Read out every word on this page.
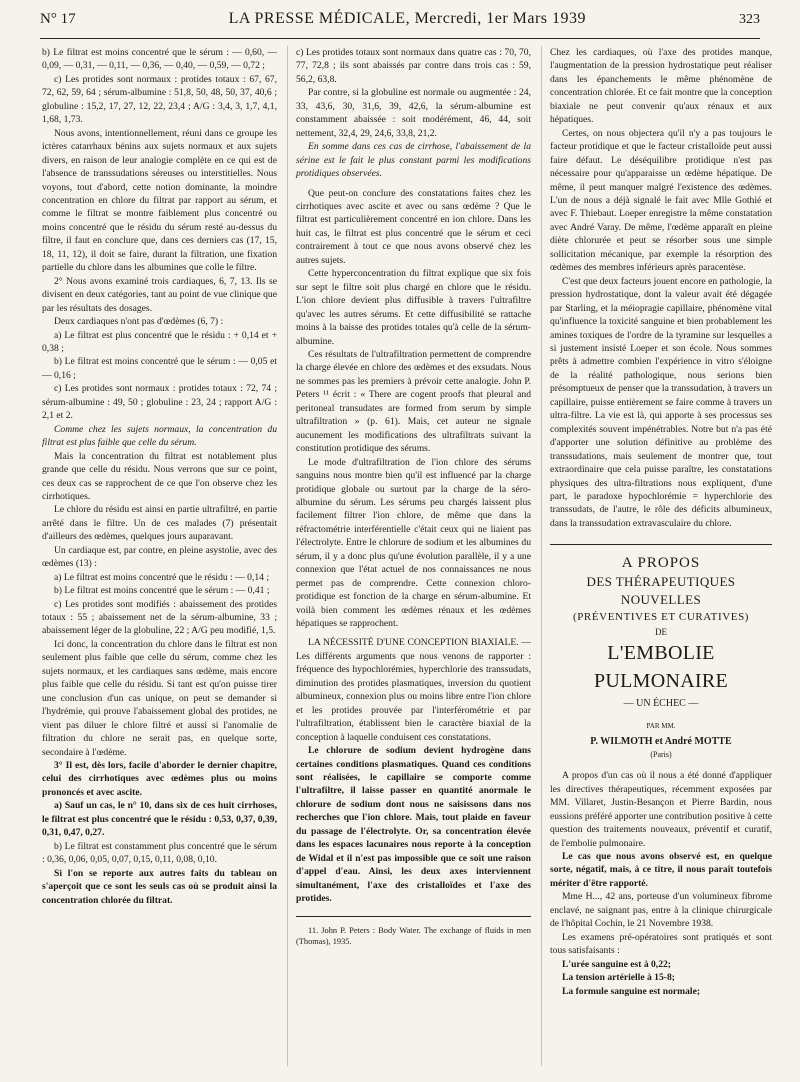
N° 17	LA PRESSE MÉDICALE, Mercredi, 1er Mars 1939	323

b) Le filtrat est moins concentré que le sérum : — 0,60, — 0,09, — 0,31, — 0,11, — 0,36, — 0,40, — 0,59, — 0,72 ;

c) Les protides sont normaux : protides totaux : 67, 67, 72, 62, 59, 64 ; sérum-albumine : 51,8, 50, 48, 50, 37, 40,6 ; globuline : 15,2, 17, 27, 12, 22, 23,4 ; A/G : 3,4, 3, 1,7, 4,1, 1,68, 1,73.

Nous avons, intentionnellement, réuni dans ce groupe les ictères catarrhaux bénins aux sujets normaux et aux sujets divers, en raison de leur analogie complète en ce qui est de l'absence de transsudations séreuses ou interstitielles. Nous voyons, tout d'abord, cette notion dominante, la moindre concentration en chlore du filtrat par rapport au sérum, et comme le filtrat se montre faiblement plus concentré ou moins concentré que le résidu du sérum resté au-dessus du filtre, il faut en conclure que, dans ces derniers cas (17, 15, 18, 11, 12), il doit se faire, durant la filtration, une fixation partielle du chlore dans les albumines que colle le filtre.

2° Nous avons examiné trois cardiaques, 6, 7, 13. Ils se divisent en deux catégories, tant au point de vue clinique que par les résultats des dosages.

Deux cardiaques n'ont pas d'œdèmes (6, 7) :

a) Le filtrat est plus concentré que le résidu : + 0,14 et + 0,38 ;

b) Le filtrat est moins concentré que le sérum : — 0,05 et — 0,16 ;

c) Les protides sont normaux : protides totaux : 72, 74 ; sérum-albumine : 49, 50 ; globuline : 23, 24 ; rapport A/G : 2,1 et 2.

Comme chez les sujets normaux, la concentration du filtrat est plus faible que celle du sérum.

Mais la concentration du filtrat est notablement plus grande que celle du résidu. Nous verrons que sur ce point, ces deux cas se rapprochent de ce que l'on observe chez les cirrhotiques.

Le chlore du résidu est ainsi en partie ultrafiltré, en partie arrêté dans le filtre. Un de ces malades (7) présentait d'ailleurs des œdèmes, quelques jours auparavant.

Un cardiaque est, par contre, en pleine asystolie, avec des œdèmes (13) :

a) Le filtrat est moins concentré que le résidu : — 0,14 ;

b) Le filtrat est moins concentré que le sérum : — 0,41 ;

c) Les protides sont modifiés : abaissement des protides totaux : 55 ; abaissement net de la sérum-albumine, 33 ; abaissement léger de la globuline, 22 ; A/G peu modifié, 1,5.

Ici donc, la concentration du chlore dans le filtrat est non seulement plus faible que celle du sérum, comme chez les sujets normaux, et les cardiaques sans œdème, mais encore plus faible que celle du résidu. Si tant est qu'on puisse tirer une conclusion d'un cas unique, on peut se demander si l'hydrémie, qui prouve l'abaissement global des protides, ne vient pas diluer le chlore filtré et aussi si l'anomalie de filtration du chlore ne serait pas, en quelque sorte, secondaire à l'œdème.

3° Il est, dès lors, facile d'aborder le dernier chapitre, celui des cirrhotiques avec œdèmes plus ou moins prononcés et avec ascite.

a) Sauf un cas, le n° 10, dans six de ces huit cirrhoses, le filtrat est plus concentré que le résidu : 0,53, 0,37, 0,39, 0,31, 0,47, 0,27.

b) Le filtrat est constamment plus concentré que le sérum : 0,36, 0,06, 0,05, 0,07, 0,15, 0,11, 0,08, 0,10.

Si l'on se reporte aux autres faits du tableau on s'aperçoit que ce sont les seuls cas où se produit ainsi la concentration chlorée du filtrat.

c) Les protides totaux sont normaux dans quatre cas : 70, 70, 77, 72,8 ; ils sont abaissés par contre dans trois cas : 59, 56,2, 63,8.

Par contre, si la globuline est normale ou augmentée : 24, 33, 43,6, 30, 31,6, 39, 42,6, la sérum-albumine est constamment abaissée : soit modérément, 46, 44, soit nettement, 32,4, 29, 24,6, 33,8, 21,2.

En somme dans ces cas de cirrhose, l'abaissement de la sérine est le fait le plus constant parmi les modifications protidiques observées.

Que peut-on conclure des constatations faites chez les cirrhotiques avec ascite et avec ou sans œdème ? Que le filtrat est particulièrement concentré en ion chlore. Dans les huit cas, le filtrat est plus concentré que le sérum et ceci contrairement à tout ce que nous avons observé chez les autres sujets.

Cette hyperconcentration du filtrat explique que six fois sur sept le filtre soit plus chargé en chlore que le résidu. L'ion chlore devient plus diffusible à travers l'ultrafiltre qu'avec les autres sérums. Et cette diffusibilité se rattache moins à la baisse des protides totales qu'à celle de la sérum-albumine.

Ces résultats de l'ultrafiltration permettent de comprendre la charge élevée en chlore des œdèmes et des exsudats. Nous ne sommes pas les premiers à prévoir cette analogie. John P. Peters ¹¹ écrit : « There are cogent proofs that pleural and peritoneal transudates are formed from serum by simple ultrafiltration » (p. 61). Mais, cet auteur ne signale aucunement les modifications des ultrafiltrats suivant la constitution protidique des sérums.

Le mode d'ultrafiltration de l'ion chlore des sérums sanguins nous montre bien qu'il est influencé par la charge protidique globale ou surtout par la charge de la séro-albumine du sérum. Les sérums peu chargés laissent plus facilement filtrer l'ion chlore, de même que dans la réfractométrie interférentielle c'était ceux qui ne liaient pas l'électrolyte. Entre le chlorure de sodium et les albumines du sérum, il y a donc plus qu'une évolution parallèle, il y a une connexion que l'état actuel de nos connaissances ne nous permet pas de comprendre. Cette connexion chloro-protidique est fonction de la charge en sérum-albumine. Et voilà bien comment les œdèmes rénaux et les œdèmes hépatiques se rapprochent.

LA NÉCESSITÉ D'UNE CONCEPTION BIAXIALE. — Les différents arguments que nous venons de rapporter : fréquence des hypochlorémies, hyperchlorie des transsudats, diminution des protides plasmatiques, inversion du quotient albumineux, connexion plus ou moins libre entre l'ion chlore et les protides prouvée par l'interférométrie et par l'ultrafiltration, établissent bien le caractère biaxial de la conception à laquelle conduisent ces constatations.

Le chlorure de sodium devient hydrogène dans certaines conditions plasmatiques. Quand ces conditions sont réalisées, le capillaire se comporte comme l'ultrafiltre, il laisse passer en quantité anormale le chlorure de sodium dont nous ne saisissons dans nos recherches que l'ion chlore. Mais, tout plaide en faveur du passage de l'électrolyte. Or, sa concentration élevée dans les espaces lacunaires nous reporte à la conception de Widal et il n'est pas impossible que ce soit une raison d'appel d'eau. Ainsi, les deux axes interviennent simultanément, l'axe des cristalloïdes et l'axe des protides.

11. John P. Peters : Body Water. The exchange of fluids in men (Thomas), 1935.

Chez les cardiaques, où l'axe des protides manque, l'augmentation de la pression hydrostatique peut réaliser dans les épanchements le même phénomène de concentration chlorée. Et ce fait montre que la conception biaxiale ne peut convenir qu'aux rénaux et aux hépatiques.

Certes, on nous objectera qu'il n'y a pas toujours le facteur protidique et que le facteur cristalloïde peut aussi faire défaut. Le déséquilibre protidique n'est pas nécessaire pour qu'apparaisse un œdème hépatique. De même, il peut manquer malgré l'existence des œdèmes. L'un de nous a déjà signalé le fait avec Mlle Gothié et avec F. Thiebaut. Loeper enregistre la même constatation avec André Varay. De même, l'œdème apparaît en pleine diète chlorurée et peut se résorber sous une simple sollicitation mécanique, par exemple la résorption des œdèmes des membres inférieurs après paracentèse.

C'est que deux facteurs jouent encore en pathologie, la pression hydrostatique, dont la valeur avait été dégagée par Starling, et la méiopragie capillaire, phénomène vital qu'influence la toxicité sanguine et bien probablement les amines toxiques de l'ordre de la tyramine sur lesquelles a si justement insisté Loeper et son école. Nous sommes prêts à admettre combien l'expérience in vitro s'éloigne de la réalité pathologique, nous serions bien présomptueux de penser que la transsudation, à travers un capillaire, puisse entièrement se faire comme à travers un ultra-filtre. La vie est là, qui apporte à ses processus ses complexités souvent impénétrables. Notre but n'a pas été d'apporter une solution définitive au problème des transsudations, mais seulement de montrer que, tout extraordinaire que cela puisse paraître, les constatations physiques des ultra-filtrations nous expliquent, d'une part, le paradoxe hypochlorémie = hyperchlorie des transsudats, de l'autre, le rôle des déficits albumineux, dans la transsudation extravasculaire du chlore.

A PROPOS
DES THÉRAPEUTIQUES NOUVELLES
(PRÉVENTIVES ET CURATIVES)
DE
L'EMBOLIE PULMONAIRE
— UN ÉCHEC —
PAR MM.
P. WILMOTH et André MOTTE
(Paris)

A propos d'un cas où il nous a été donné d'appliquer les directives thérapeutiques, récemment exposées par MM. Villaret, Justin-Besançon et Pierre Bardin, nous eussions préféré apporter une contribution positive à cette question des traitements nouveaux, préventif et curatif, de l'embolie pulmonaire.

Le cas que nous avons observé est, en quelque sorte, négatif, mais, à ce titre, il nous paraît toutefois mériter d'être rapporté.

Mme H..., 42 ans, porteuse d'un volumineux fibrome enclavé, ne saignant pas, entre à la clinique chirurgicale de l'hôpital Cochin, le 21 Novembre 1938.

Les examens pré-opératoires sont pratiqués et sont tous satisfaisants :

L'urée sanguine est à 0,22;

La tension artérielle à 15-8;

La formule sanguine est normale;
